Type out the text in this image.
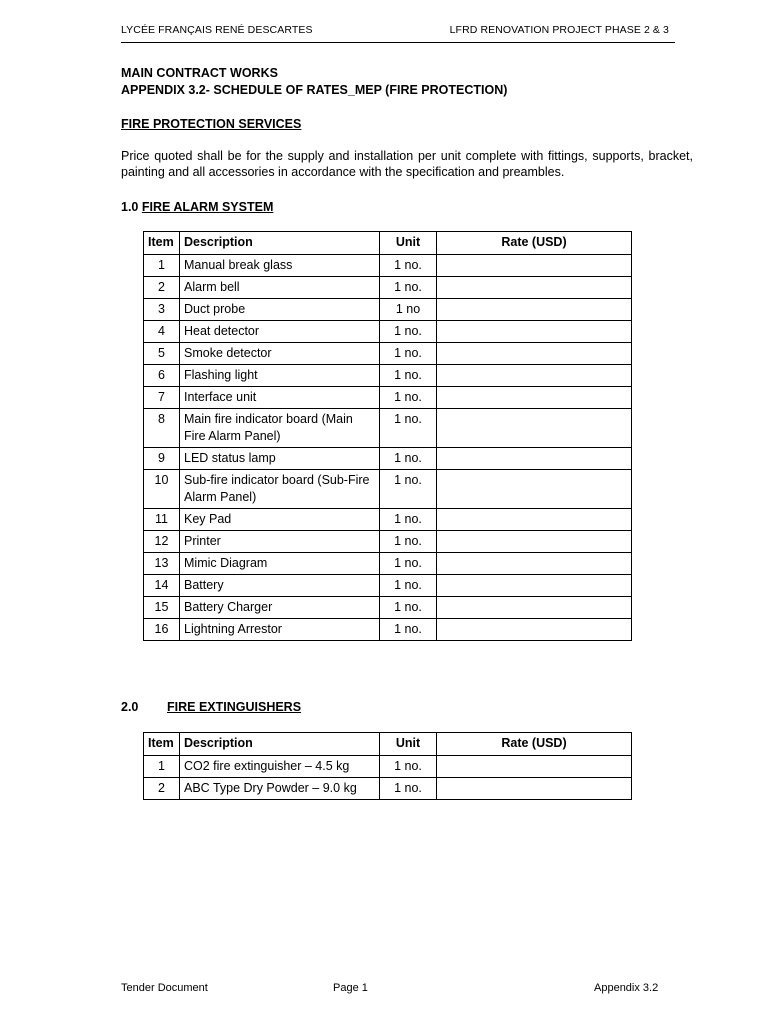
LYCÉE FRANÇAIS RENÉ DESCARTES	LFRD RENOVATION PROJECT PHASE 2 & 3
MAIN CONTRACT WORKS
APPENDIX 3.2- SCHEDULE OF RATES_MEP (FIRE PROTECTION)
FIRE PROTECTION SERVICES
Price quoted shall be for the supply and installation per unit complete with fittings, supports, bracket, painting and all accessories in accordance with the specification and preambles.
1.0 FIRE ALARM SYSTEM
Item	Description	Unit	Rate (USD)
1	Manual break glass	1 no.	
2	Alarm bell	1 no.	
3	Duct probe	1 no	
4	Heat detector	1 no.	
5	Smoke detector	1 no.	
6	Flashing light	1 no.	
7	Interface unit	1 no.	
8	Main fire indicator board (Main Fire Alarm Panel)	1 no.	
9	LED status lamp	1 no.	
10	Sub-fire indicator board (Sub-Fire Alarm Panel)	1 no.	
11	Key Pad	1 no.	
12	Printer	1 no.	
13	Mimic Diagram	1 no.	
14	Battery	1 no.	
15	Battery Charger	1 no.	
16	Lightning Arrestor	1 no.	
2.0 FIRE EXTINGUISHERS
Item	Description	Unit	Rate (USD)
1	CO2 fire extinguisher – 4.5 kg	1 no.	
2	ABC Type Dry Powder – 9.0 kg	1 no.	
Tender Document	Page 1	Appendix 3.2
